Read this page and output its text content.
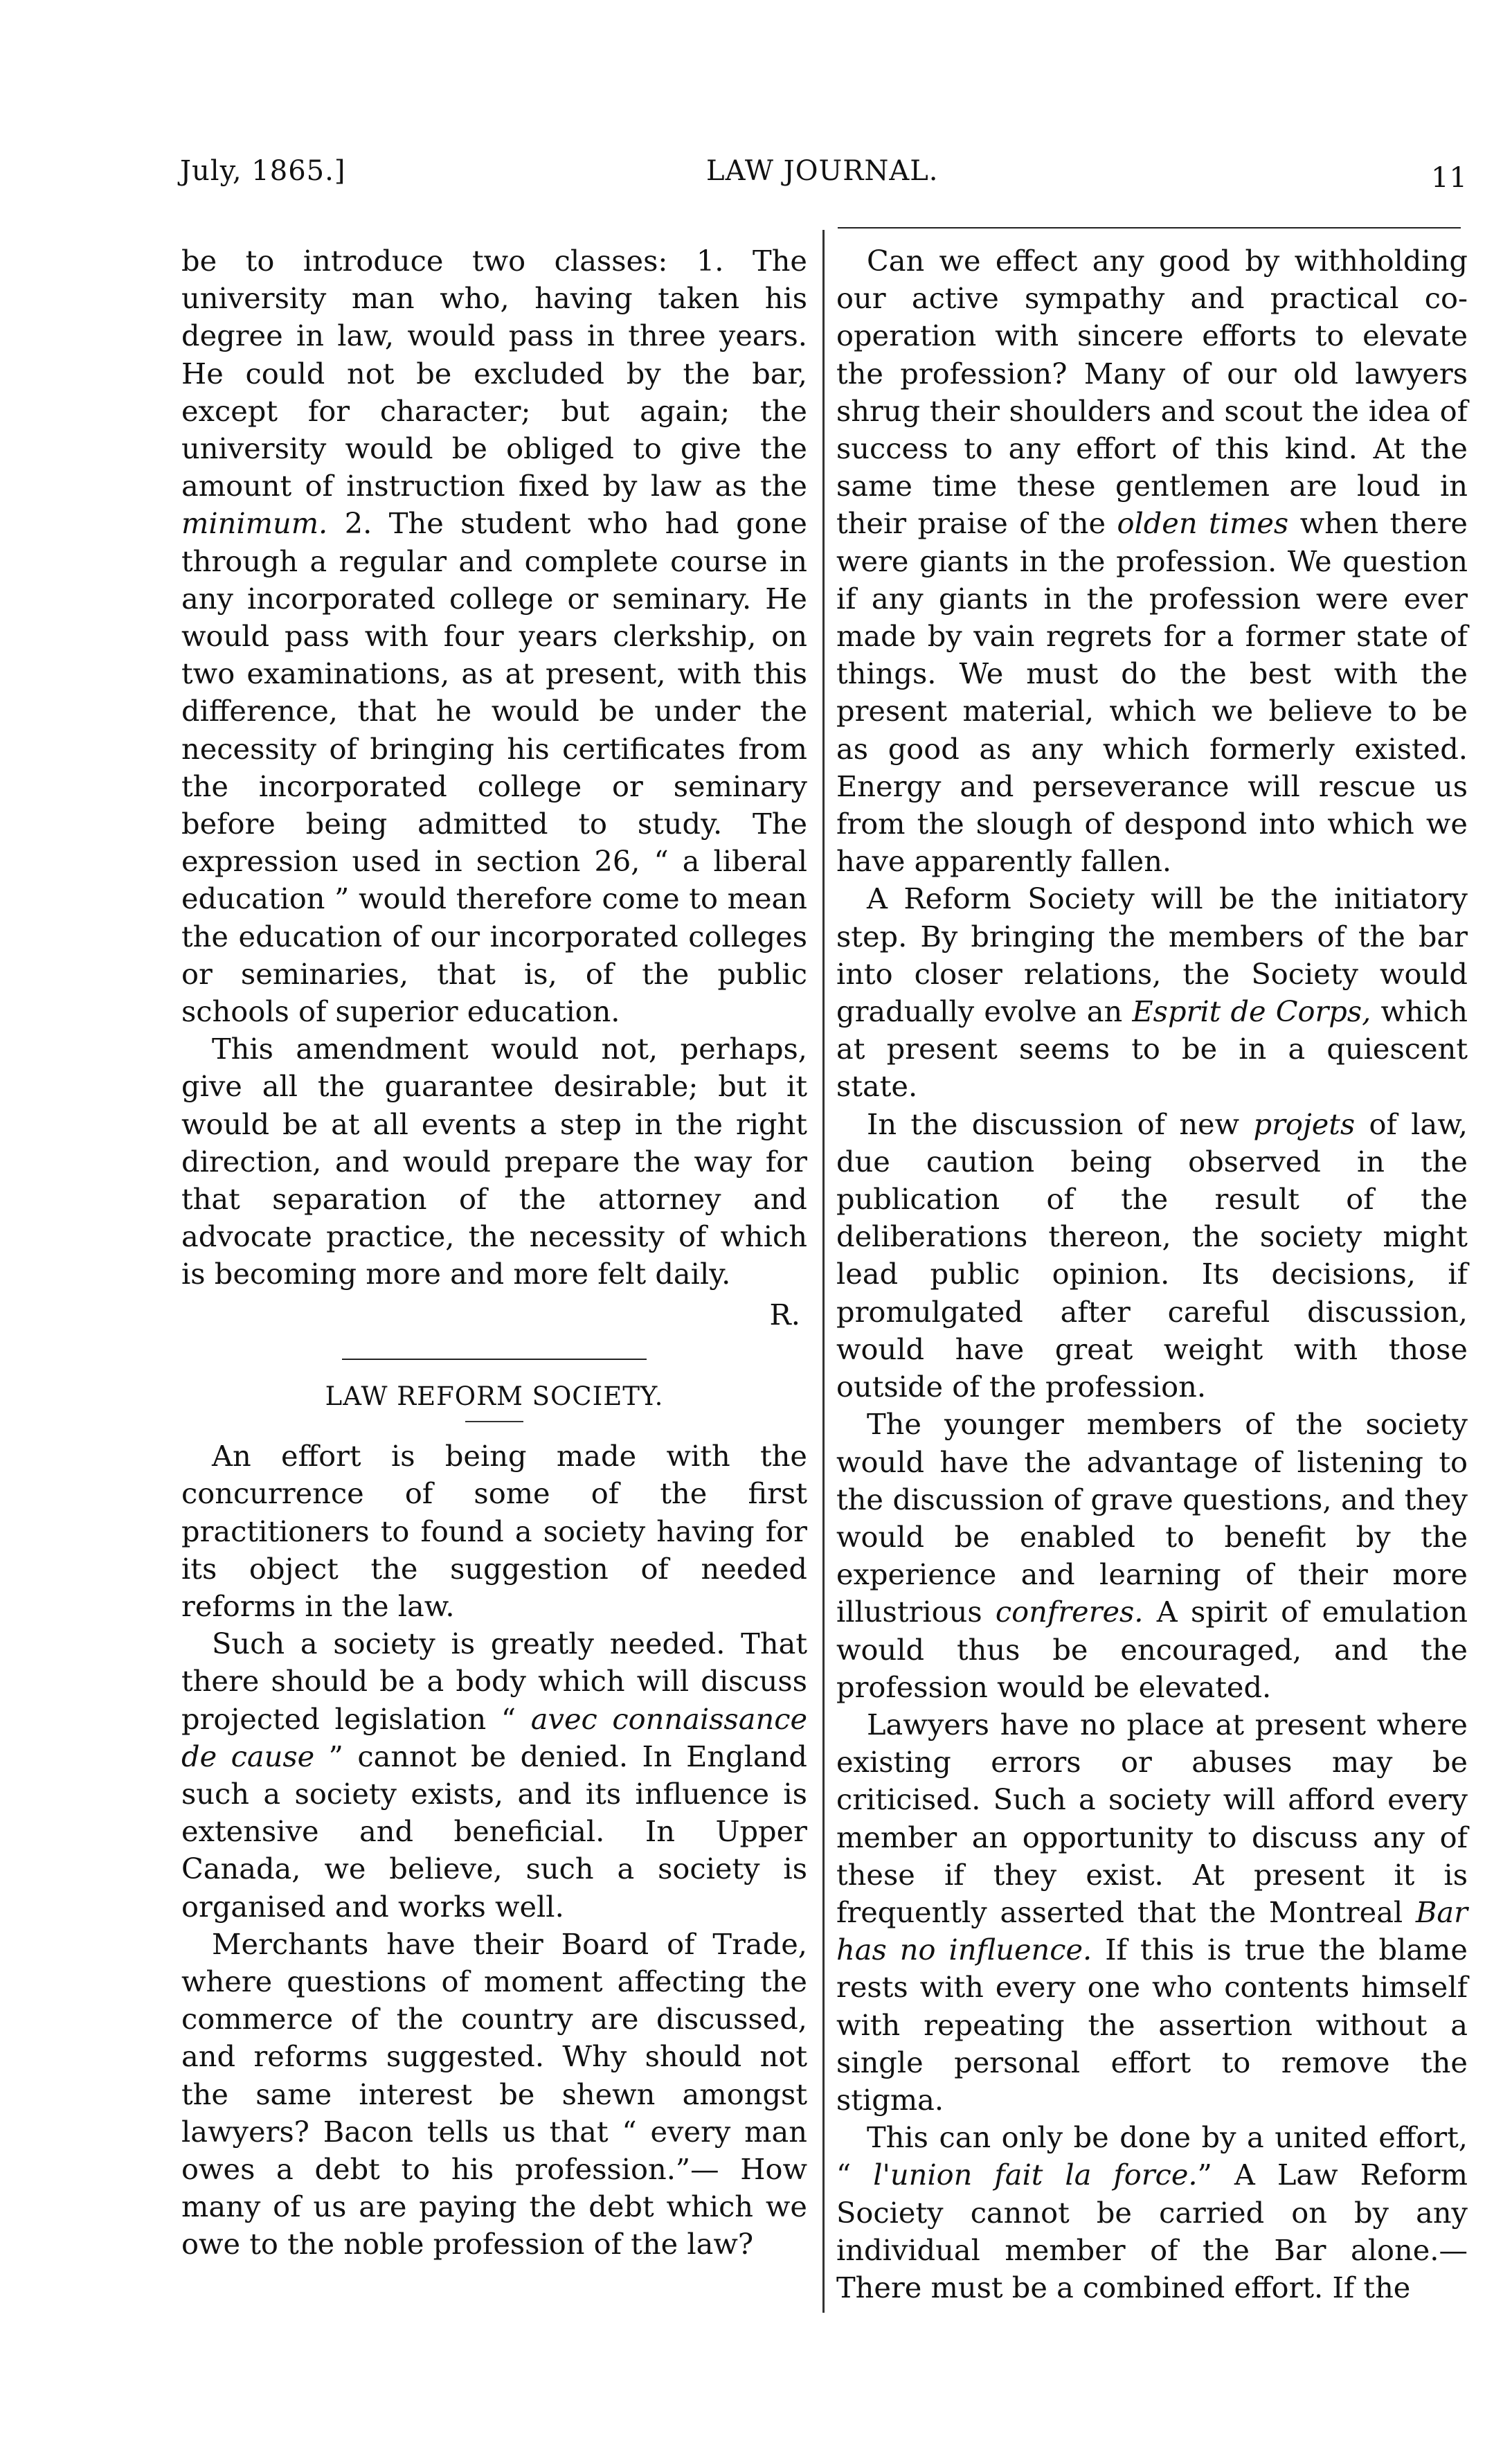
July, 1865.]	LAW JOURNAL.	11

be to introduce two classes: 1. The university man who, having taken his degree in law, would pass in three years. He could not be excluded by the bar, except for character; but again; the university would be obliged to give the amount of instruction fixed by law as the minimum. 2. The student who had gone through a regular and complete course in any incorporated college or seminary. He would pass with four years clerkship, on two examinations, as at present, with this difference, that he would be under the necessity of bringing his certificates from the incorporated college or seminary before being admitted to study. The expression used in section 26, “ a liberal education ” would therefore come to mean the education of our incorporated colleges or seminaries, that is, of the public schools of superior education.

This amendment would not, perhaps, give all the guarantee desirable; but it would be at all events a step in the right direction, and would prepare the way for that separation of the attorney and advocate practice, the necessity of which is becoming more and more felt daily.

R.

LAW REFORM SOCIETY.

An effort is being made with the concurrence of some of the first practitioners to found a society having for its object the suggestion of needed reforms in the law.

Such a society is greatly needed. That there should be a body which will discuss projected legislation “ avec connaissance de cause ” cannot be denied. In England such a society exists, and its influence is extensive and beneficial. In Upper Canada, we believe, such a society is organised and works well.

Merchants have their Board of Trade, where questions of moment affecting the commerce of the country are discussed, and reforms suggested. Why should not the same interest be shewn amongst lawyers? Bacon tells us that “ every man owes a debt to his profession.”— How many of us are paying the debt which we owe to the noble profession of the law?

Can we effect any good by withholding our active sympathy and practical co-operation with sincere efforts to elevate the profession? Many of our old lawyers shrug their shoulders and scout the idea of success to any effort of this kind. At the same time these gentlemen are loud in their praise of the olden times when there were giants in the profession. We question if any giants in the profession were ever made by vain regrets for a former state of things. We must do the best with the present material, which we believe to be as good as any which formerly existed. Energy and perseverance will rescue us from the slough of despond into which we have apparently fallen.

A Reform Society will be the initiatory step. By bringing the members of the bar into closer relations, the Society would gradually evolve an Esprit de Corps, which at present seems to be in a quiescent state.

In the discussion of new projets of law, due caution being observed in the publication of the result of the deliberations thereon, the society might lead public opinion. Its decisions, if promulgated after careful discussion, would have great weight with those outside of the profession.

The younger members of the society would have the advantage of listening to the discussion of grave questions, and they would be enabled to benefit by the experience and learning of their more illustrious confreres. A spirit of emulation would thus be encouraged, and the profession would be elevated.

Lawyers have no place at present where existing errors or abuses may be criticised. Such a society will afford every member an opportunity to discuss any of these if they exist. At present it is frequently asserted that the Montreal Bar has no influence. If this is true the blame rests with every one who contents himself with repeating the assertion without a single personal effort to remove the stigma.

This can only be done by a united effort, “ l'union fait la force.” A Law Reform Society cannot be carried on by any individual member of the Bar alone.— There must be a combined effort. If the
